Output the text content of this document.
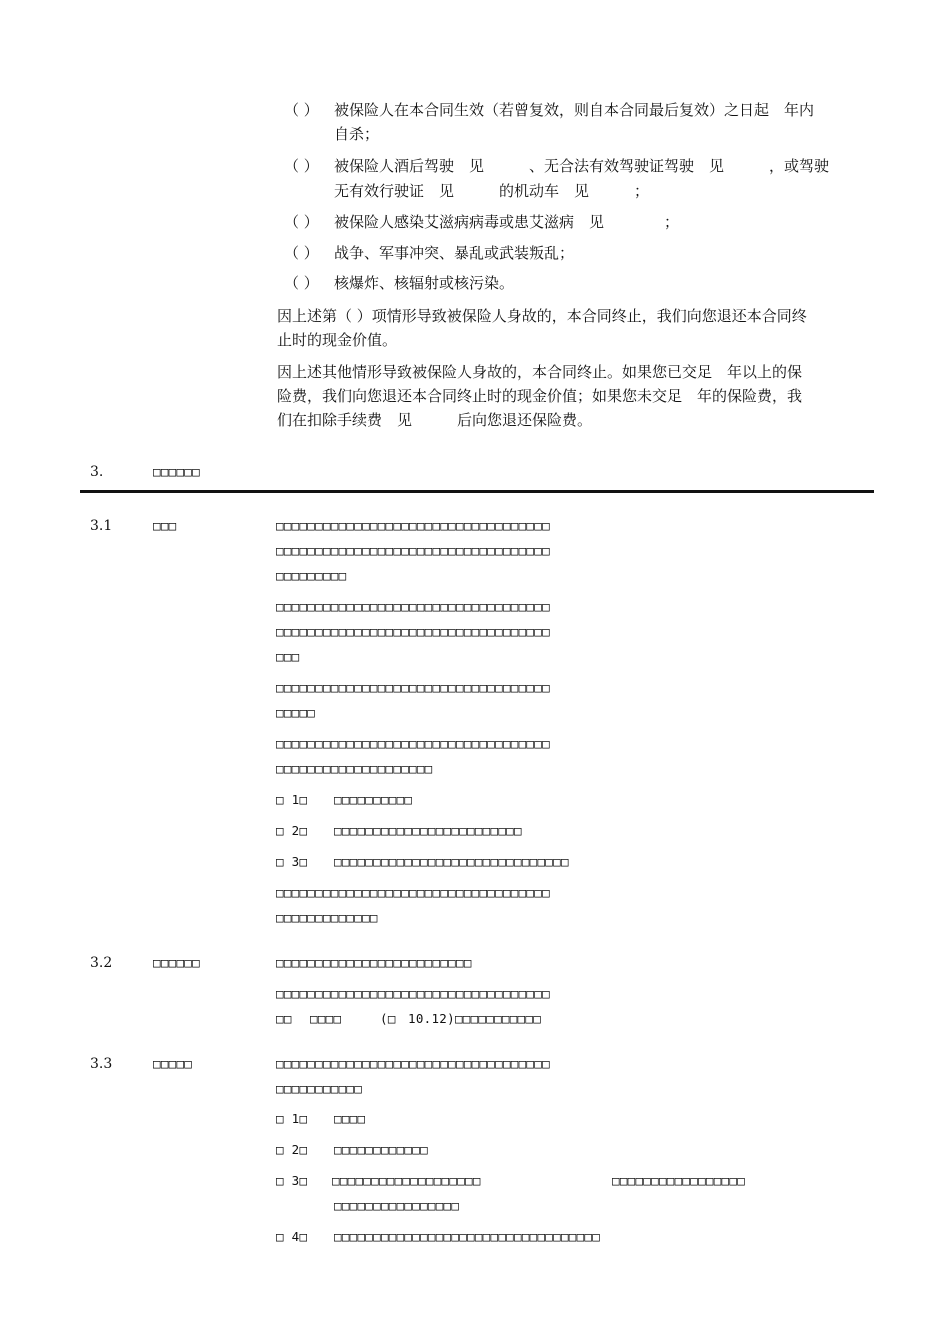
（ ） 被保险人在本合同生效（若曾复效，则自本合同最后复效）之日起　年内
自杀；
（ ） 被保险人酒后驾驶　见　　　、无合法有效驾驶证驾驶　见　　　，或驾驶
无有效行驶证　见　　　的机动车　见　　　；
（ ） 被保险人感染艾滋病病毒或患艾滋病　见　　　　；
（ ） 战争、军事冲突、暴乱或武装叛乱；
（ ） 核爆炸、核辐射或核污染。
因上述第（ ）项情形导致被保险人身故的，本合同终止，我们向您退还本合同终
止时的现金价值。
因上述其他情形导致被保险人身故的，本合同终止。如果您已交足　年以上的保
险费，我们向您退还本合同终止时的现金价值；如果您未交足　年的保险费，我
们在扣除手续费　见　　　后向您退还保险费。
3.	□□□□□□
3.1	□□□	□□□□□□□□□□□□□□□□□□□□□□□□□□□□□□□□□□□
□□□□□□□□□□□□□□□□□□□□□□□□□□□□□□□□□□□
□□□□□□□□□
□□□□□□□□□□□□□□□□□□□□□□□□□□□□□□□□□□□
□□□□□□□□□□□□□□□□□□□□□□□□□□□□□□□□□□□
□□□
□□□□□□□□□□□□□□□□□□□□□□□□□□□□□□□□□□□
□□□□□
□□□□□□□□□□□□□□□□□□□□□□□□□□□□□□□□□□□
□□□□□□□□□□□□□□□□□□□□
□ 1□ □□□□□□□□□□
□ 2□ □□□□□□□□□□□□□□□□□□□□□□□□
□ 3□ □□□□□□□□□□□□□□□□□□□□□□□□□□□□□□
□□□□□□□□□□□□□□□□□□□□□□□□□□□□□□□□□□□
□□□□□□□□□□□□□
3.2	□□□□□□	□□□□□□□□□□□□□□□□□□□□□□□□□
□□□□□□□□□□□□□□□□□□□□□□□□□□□□□□□□□□□
□□ □□□□	(□ 10.12)□□□□□□□□□□□
3.3	□□□□□	□□□□□□□□□□□□□□□□□□□□□□□□□□□□□□□□□□□
□□□□□□□□□□□
□ 1□ □□□□
□ 2□ □□□□□□□□□□□□
□ 3□ □□□□□□□□□□□□□□□□□□□	□□□□□□□□□□□□□□□□□
□□□□□□□□□□□□□□□□
□ 4□ □□□□□□□□□□□□□□□□□□□□□□□□□□□□□□□□□□
